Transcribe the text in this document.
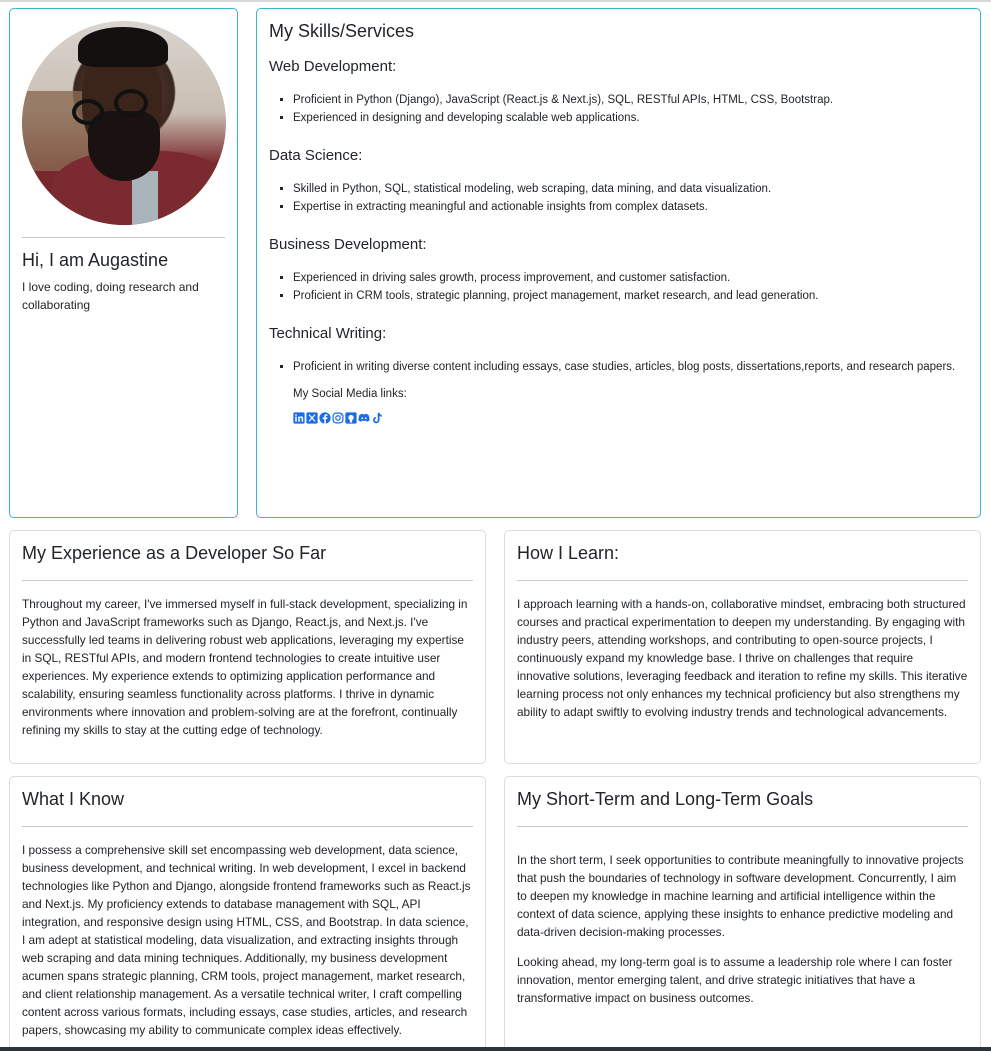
Hi, I am Augastine
I love coding, doing research and collaborating
My Skills/Services
Web Development:
▪ Proficient in Python (Django), JavaScript (React.js & Next.js), SQL, RESTful APIs, HTML, CSS, Bootstrap.
▪ Experienced in designing and developing scalable web applications.
Data Science:
▪ Skilled in Python, SQL, statistical modeling, web scraping, data mining, and data visualization.
▪ Expertise in extracting meaningful and actionable insights from complex datasets.
Business Development:
▪ Experienced in driving sales growth, process improvement, and customer satisfaction.
▪ Proficient in CRM tools, strategic planning, project management, market research, and lead generation.
Technical Writing:
▪ Proficient in writing diverse content including essays, case studies, articles, blog posts, dissertations,reports, and research papers.
My Social Media links:
My Experience as a Developer So Far

Throughout my career, I've immersed myself in full-stack development, specializing in Python and JavaScript frameworks such as Django, React.js, and Next.js. I've successfully led teams in delivering robust web applications, leveraging my expertise in SQL, RESTful APIs, and modern frontend technologies to create intuitive user experiences. My experience extends to optimizing application performance and scalability, ensuring seamless functionality across platforms. I thrive in dynamic environments where innovation and problem-solving are at the forefront, continually refining my skills to stay at the cutting edge of technology.

How I Learn:

I approach learning with a hands-on, collaborative mindset, embracing both structured courses and practical experimentation to deepen my understanding. By engaging with industry peers, attending workshops, and contributing to open-source projects, I continuously expand my knowledge base. I thrive on challenges that require innovative solutions, leveraging feedback and iteration to refine my skills. This iterative learning process not only enhances my technical proficiency but also strengthens my ability to adapt swiftly to evolving industry trends and technological advancements.

What I Know

I possess a comprehensive skill set encompassing web development, data science, business development, and technical writing. In web development, I excel in backend technologies like Python and Django, alongside frontend frameworks such as React.js and Next.js. My proficiency extends to database management with SQL, API integration, and responsive design using HTML, CSS, and Bootstrap. In data science, I am adept at statistical modeling, data visualization, and extracting insights through web scraping and data mining techniques. Additionally, my business development acumen spans strategic planning, CRM tools, project management, market research, and client relationship management. As a versatile technical writer, I craft compelling content across various formats, including essays, case studies, articles, and research papers, showcasing my ability to communicate complex ideas effectively.

My Short-Term and Long-Term Goals

In the short term, I seek opportunities to contribute meaningfully to innovative projects that push the boundaries of technology in software development. Concurrently, I aim to deepen my knowledge in machine learning and artificial intelligence within the context of data science, applying these insights to enhance predictive modeling and data-driven decision-making processes.

Looking ahead, my long-term goal is to assume a leadership role where I can foster innovation, mentor emerging talent, and drive strategic initiatives that have a transformative impact on business outcomes.
